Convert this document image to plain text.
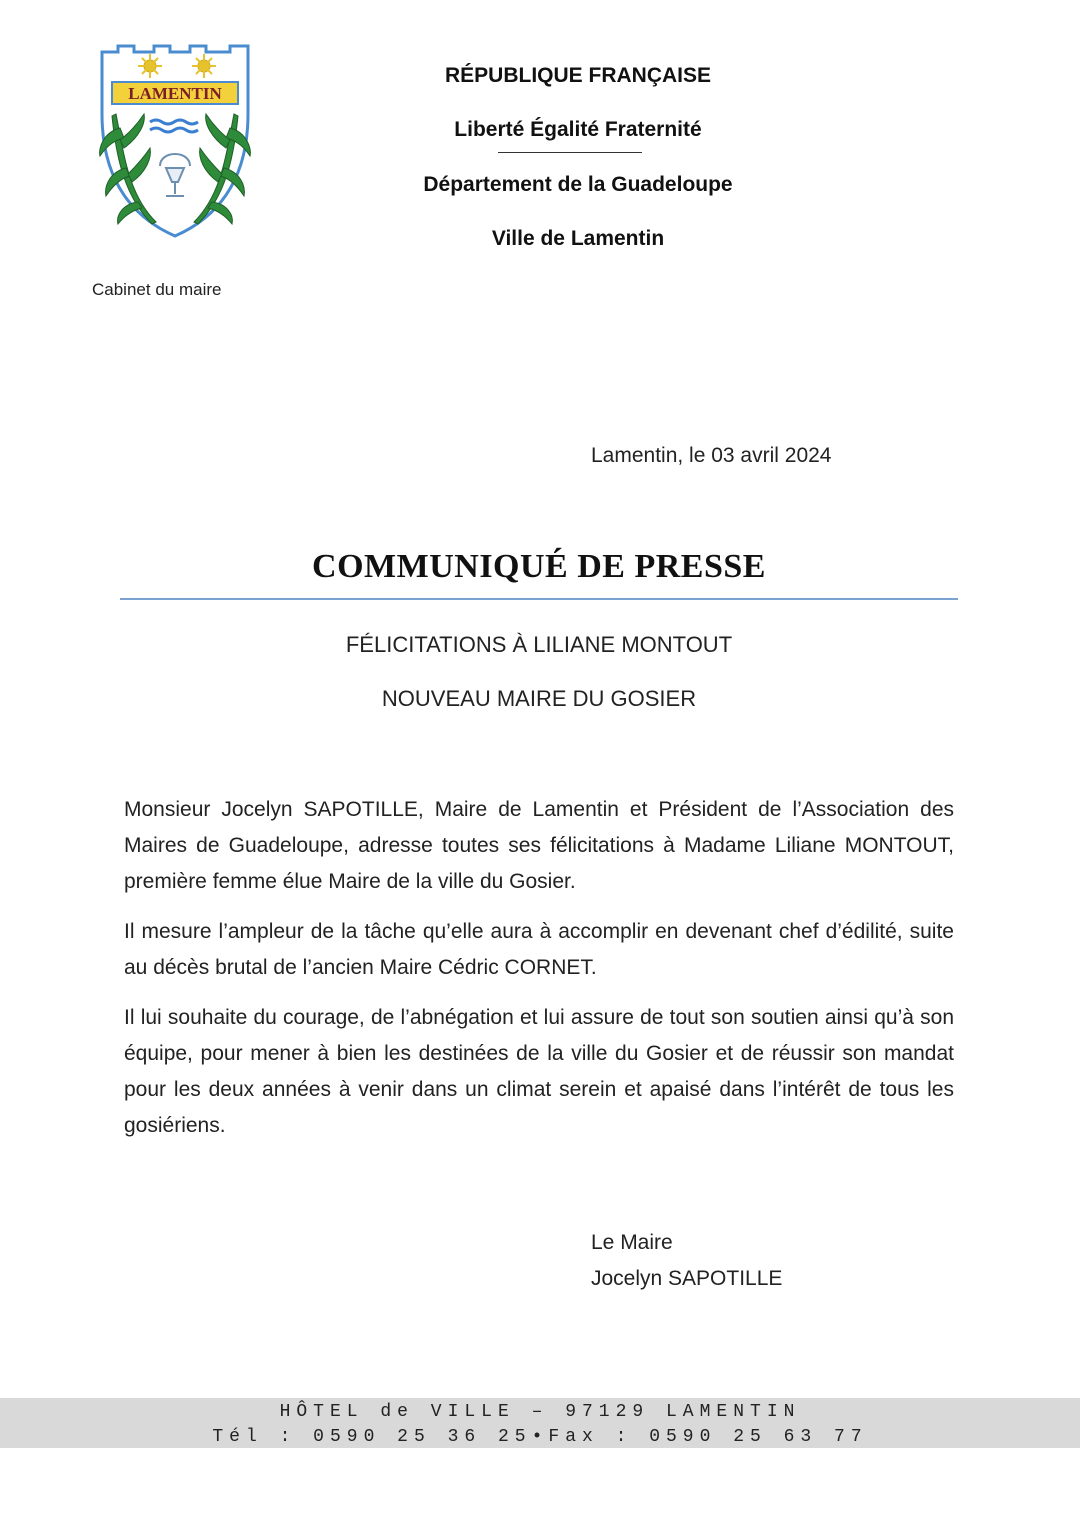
LAMENTIN
Cabinet du maire
RÉPUBLIQUE FRANÇAISE
Liberté Égalité Fraternité
Département de la Guadeloupe
Ville de Lamentin
Lamentin, le 03 avril 2024
COMMUNIQUÉ DE PRESSE
FÉLICITATIONS À LILIANE MONTOUT
NOUVEAU MAIRE DU GOSIER

Monsieur Jocelyn SAPOTILLE, Maire de Lamentin et Président de l’Association des Maires de Guadeloupe, adresse toutes ses félicitations à Madame Liliane MONTOUT, première femme élue Maire de la ville du Gosier.

Il mesure l’ampleur de la tâche qu’elle aura à accomplir en devenant chef d’édilité, suite au décès brutal de l’ancien Maire Cédric CORNET.

Il lui souhaite du courage, de l’abnégation et lui assure de tout son soutien ainsi qu’à son équipe, pour mener à bien les destinées de la ville du Gosier et de réussir son mandat pour les deux années à venir dans un climat serein et apaisé dans l’intérêt de tous les gosiériens.

Le Maire
Jocelyn SAPOTILLE
HÔTEL de VILLE – 97129 LAMENTIN
Tél : 0590 25 36 25•Fax : 0590 25 63 77
